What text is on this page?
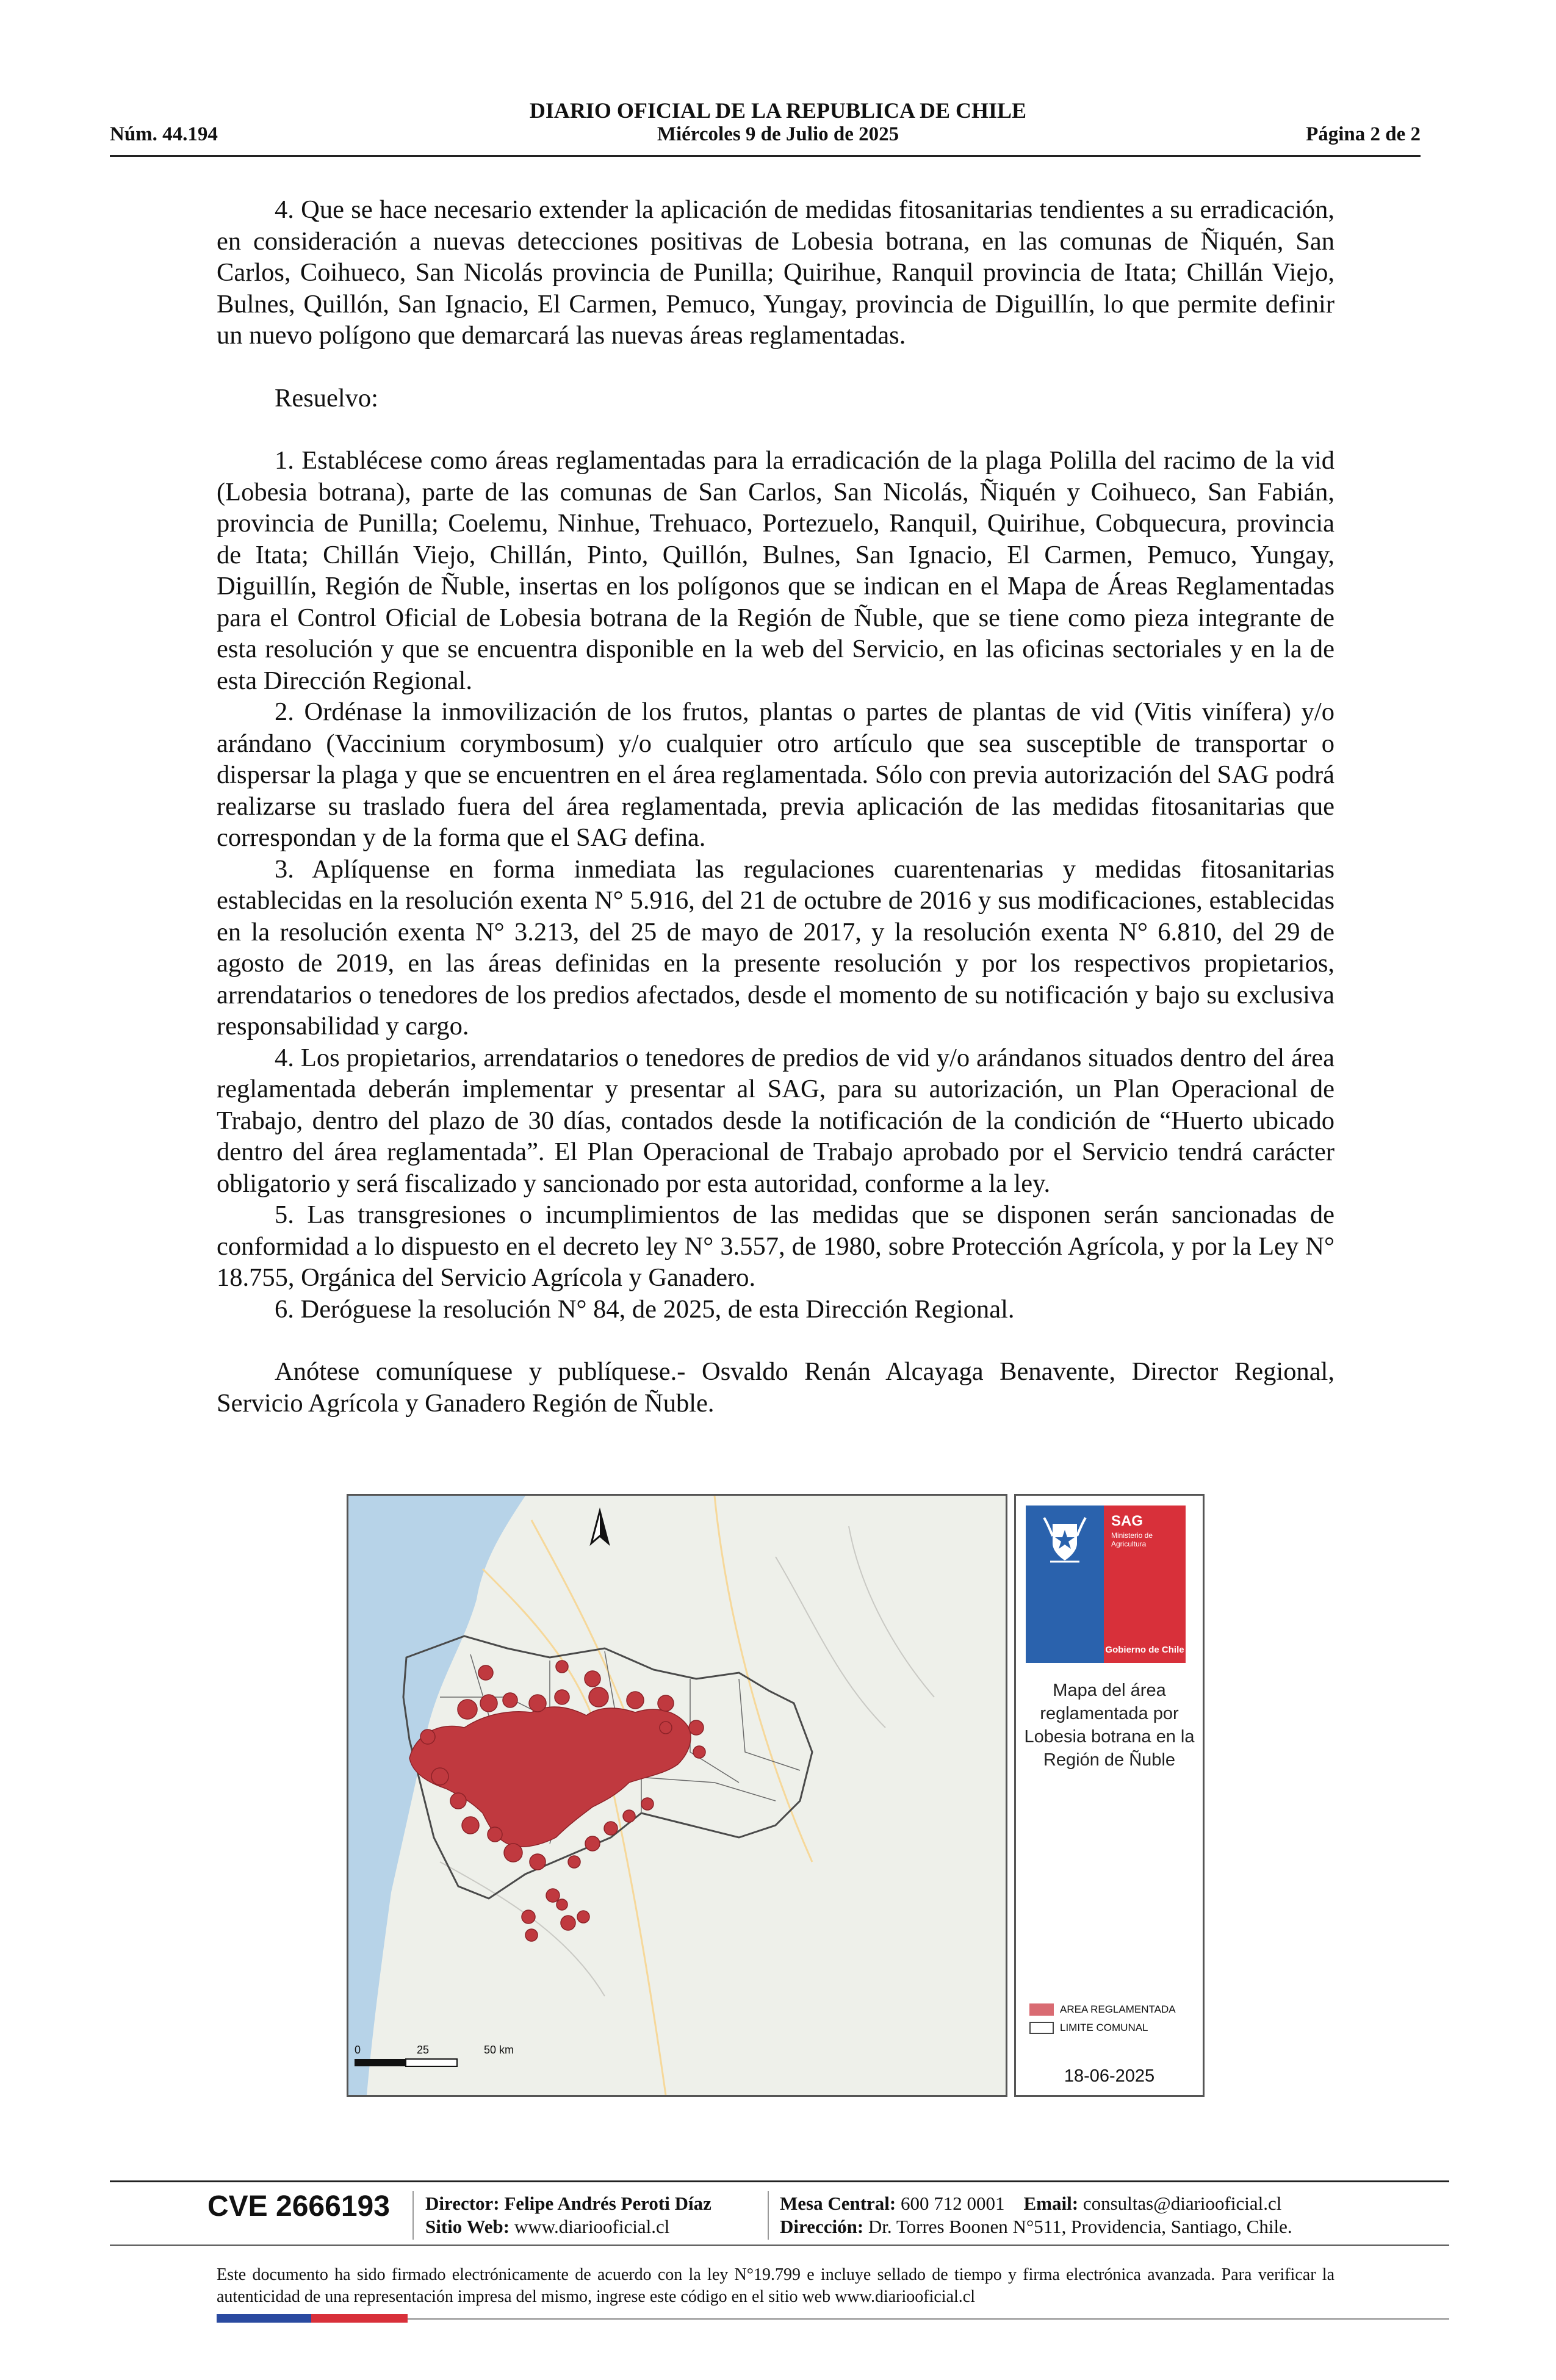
DIARIO OFICIAL DE LA REPUBLICA DE CHILE
Núm. 44.194	Miércoles 9 de Julio de 2025	Página 2 de 2

4. Que se hace necesario extender la aplicación de medidas fitosanitarias tendientes a su erradicación, en consideración a nuevas detecciones positivas de Lobesia botrana, en las comunas de Ñiquén, San Carlos, Coihueco, San Nicolás provincia de Punilla; Quirihue, Ranquil provincia de Itata; Chillán Viejo, Bulnes, Quillón, San Ignacio, El Carmen, Pemuco, Yungay, provincia de Diguillín, lo que permite definir un nuevo polígono que demarcará las nuevas áreas reglamentadas.

Resuelvo:

1. Establécese como áreas reglamentadas para la erradicación de la plaga Polilla del racimo de la vid (Lobesia botrana), parte de las comunas de San Carlos, San Nicolás, Ñiquén y Coihueco, San Fabián, provincia de Punilla; Coelemu, Ninhue, Trehuaco, Portezuelo, Ranquil, Quirihue, Cobquecura, provincia de Itata; Chillán Viejo, Chillán, Pinto, Quillón, Bulnes, San Ignacio, El Carmen, Pemuco, Yungay, Diguillín, Región de Ñuble, insertas en los polígonos que se indican en el Mapa de Áreas Reglamentadas para el Control Oficial de Lobesia botrana de la Región de Ñuble, que se tiene como pieza integrante de esta resolución y que se encuentra disponible en la web del Servicio, en las oficinas sectoriales y en la de esta Dirección Regional.

2. Ordénase la inmovilización de los frutos, plantas o partes de plantas de vid (Vitis vinífera) y/o arándano (Vaccinium corymbosum) y/o cualquier otro artículo que sea susceptible de transportar o dispersar la plaga y que se encuentren en el área reglamentada. Sólo con previa autorización del SAG podrá realizarse su traslado fuera del área reglamentada, previa aplicación de las medidas fitosanitarias que correspondan y de la forma que el SAG defina.

3. Aplíquense en forma inmediata las regulaciones cuarentenarias y medidas fitosanitarias establecidas en la resolución exenta N° 5.916, del 21 de octubre de 2016 y sus modificaciones, establecidas en la resolución exenta N° 3.213, del 25 de mayo de 2017, y la resolución exenta N° 6.810, del 29 de agosto de 2019, en las áreas definidas en la presente resolución y por los respectivos propietarios, arrendatarios o tenedores de los predios afectados, desde el momento de su notificación y bajo su exclusiva responsabilidad y cargo.

4. Los propietarios, arrendatarios o tenedores de predios de vid y/o arándanos situados dentro del área reglamentada deberán implementar y presentar al SAG, para su autorización, un Plan Operacional de Trabajo, dentro del plazo de 30 días, contados desde la notificación de la condición de “Huerto ubicado dentro del área reglamentada”. El Plan Operacional de Trabajo aprobado por el Servicio tendrá carácter obligatorio y será fiscalizado y sancionado por esta autoridad, conforme a la ley.

5. Las transgresiones o incumplimientos de las medidas que se disponen serán sancionadas de conformidad a lo dispuesto en el decreto ley N° 3.557, de 1980, sobre Protección Agrícola, y por la Ley N° 18.755, Orgánica del Servicio Agrícola y Ganadero.

6. Deróguese la resolución N° 84, de 2025, de esta Dirección Regional.

Anótese comuníquese y publíquese.- Osvaldo Renán Alcayaga Benavente, Director Regional, Servicio Agrícola y Ganadero Región de Ñuble.

0	25	50 km
SAG
Ministerio de Agricultura
Gobierno de Chile
Mapa del área reglamentada por Lobesia botrana en la Región de Ñuble
AREA REGLAMENTADA
LIMITE COMUNAL
18-06-2025
CVE 2666193 Director: Felipe Andrés Peroti Díaz
Sitio Web: www.diariooficial.cl
Mesa Central: 600 712 0001 Email: consultas@diariooficial.cl
Dirección: Dr. Torres Boonen N°511, Providencia, Santiago, Chile.
Este documento ha sido firmado electrónicamente de acuerdo con la ley N°19.799 e incluye sellado de tiempo y firma electrónica avanzada. Para verificar la autenticidad de una representación impresa del mismo, ingrese este código en el sitio web www.diariooficial.cl
